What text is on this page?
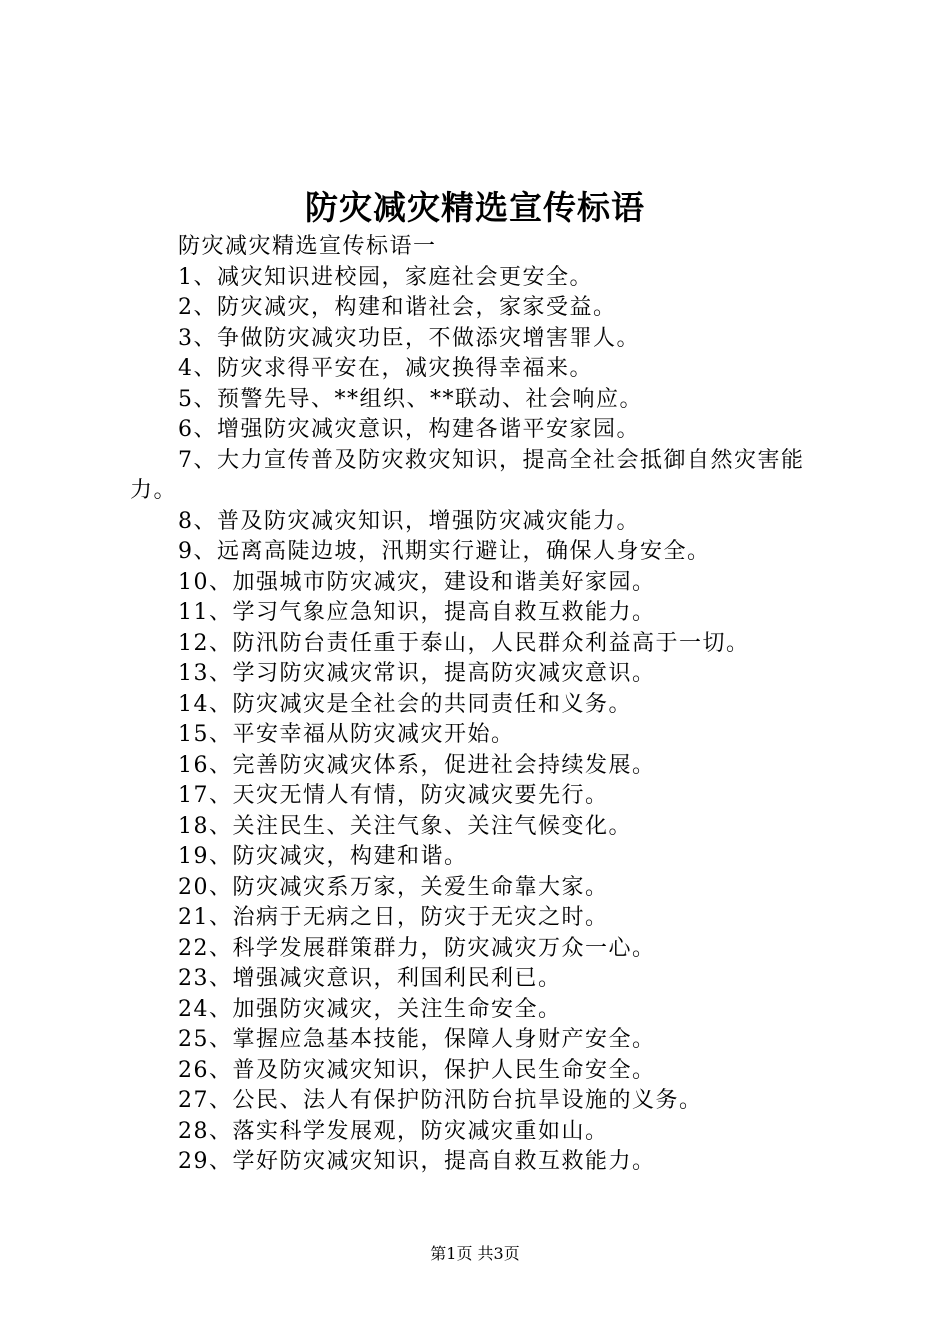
防灾减灾精选宣传标语

防灾减灾精选宣传标语一

1、减灾知识进校园，家庭社会更安全。

2、防灾减灾，构建和谐社会，家家受益。

3、争做防灾减灾功臣，不做添灾增害罪人。

4、防灾求得平安在，减灾换得幸福来。

5、预警先导、**组织、**联动、社会响应。

6、增强防灾减灾意识，构建各谐平安家园。

7、大力宣传普及防灾救灾知识，提高全社会抵御自然灾害能力。

8、普及防灾减灾知识，增强防灾减灾能力。

9、远离高陡边坡，汛期实行避让，确保人身安全。

10、加强城市防灾减灾，建设和谐美好家园。

11、学习气象应急知识，提高自救互救能力。

12、防汛防台责任重于泰山，人民群众利益高于一切。

13、学习防灾减灾常识，提高防灾减灾意识。

14、防灾减灾是全社会的共同责任和义务。

15、平安幸福从防灾减灾开始。

16、完善防灾减灾体系，促进社会持续发展。

17、天灾无情人有情，防灾减灾要先行。

18、关注民生、关注气象、关注气候变化。

19、防灾减灾，构建和谐。

20、防灾减灾系万家，关爱生命靠大家。

21、治病于无病之日，防灾于无灾之时。

22、科学发展群策群力，防灾减灾万众一心。

23、增强减灾意识，利国利民利已。

24、加强防灾减灾，关注生命安全。

25、掌握应急基本技能，保障人身财产安全。

26、普及防灾减灾知识，保护人民生命安全。

27、公民、法人有保护防汛防台抗旱设施的义务。

28、落实科学发展观，防灾减灾重如山。

29、学好防灾减灾知识，提高自救互救能力。

第1页 共3页
